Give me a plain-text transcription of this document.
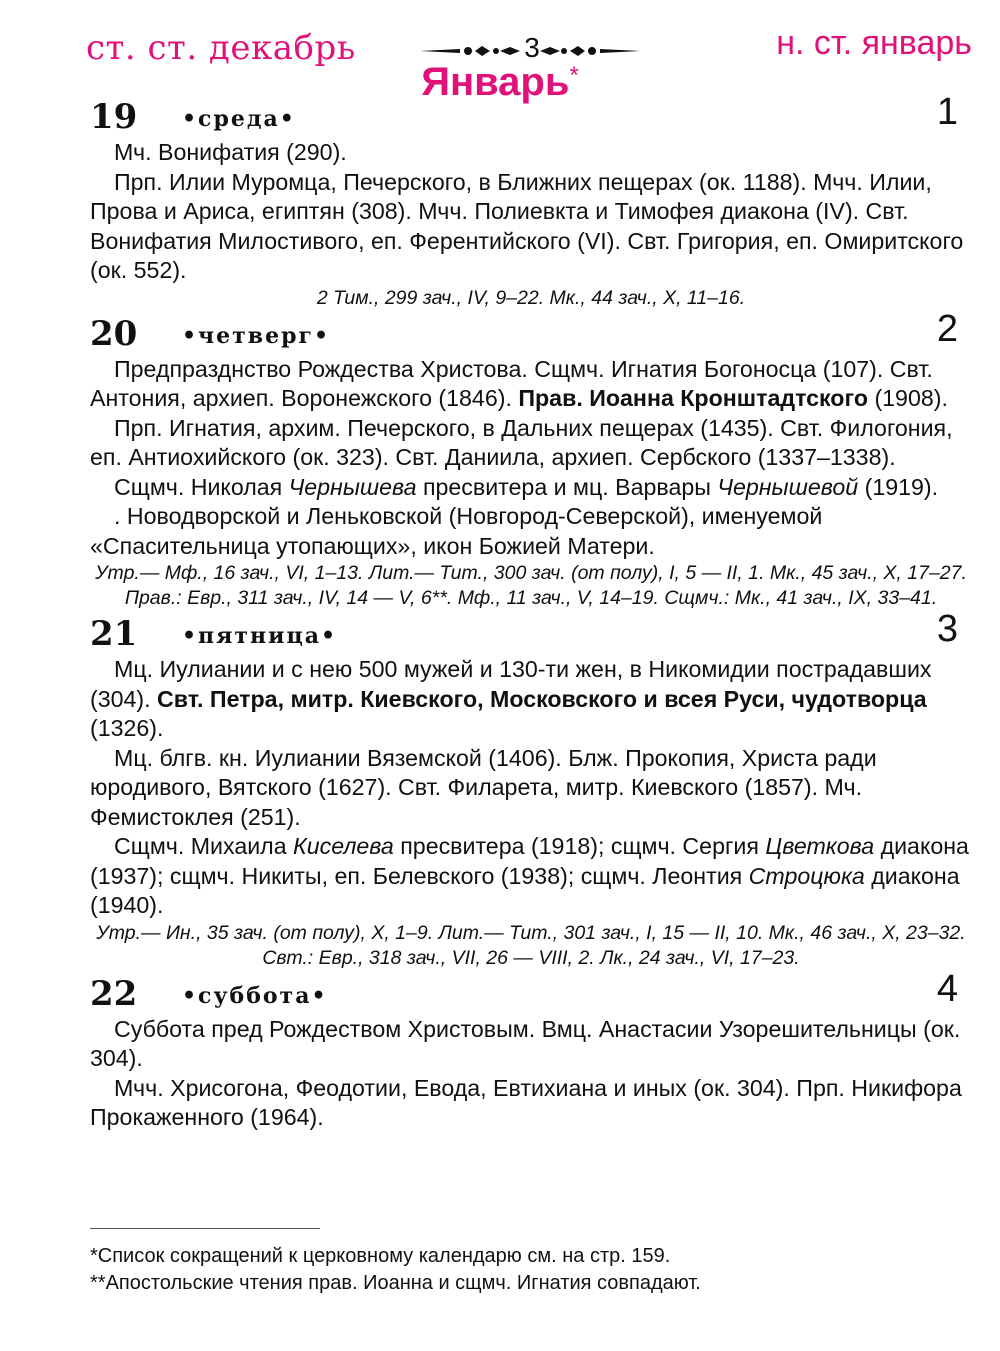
ст. ст. декабрь	3	н. ст. январь
Январь*
19 •среда•	1

Мч. Вонифатия (290).

Прп. Илии Муромца, Печерского, в Ближних пещерах (ок. 1188). Мчч. Илии, Прова и Ариса, египтян (308). Мчч. Полиевкта и Тимофея диакона (IV). Свт. Вонифатия Милостивого, еп. Ферентийского (VI). Свт. Григория, еп. Омиритского (ок. 552).

2 Тим., 299 зач., IV, 9–22. Мк., 44 зач., X, 11–16.

20 •четверг•	2

Предпразднство Рождества Христова. Сщмч. Игнатия Богоносца (107). Свт. Антония, архиеп. Воронежского (1846). Прав. Иоанна Кронштадтского (1908).

Прп. Игнатия, архим. Печерского, в Дальних пещерах (1435). Свт. Филогония, еп. Антиохийского (ок. 323). Свт. Даниила, архиеп. Сербского (1337–1338).

Сщмч. Николая Чернышева пресвитера и мц. Варвары Чернышевой (1919).

. Новодворской и Леньковской (Новгород-Северской), именуемой «Спасительница утопающих», икон Божией Матери.

Утр.— Мф., 16 зач., VI, 1–13. Лит.— Тит., 300 зач. (от полу), I, 5 — II, 1. Мк., 45 зач., X, 17–27. Прав.: Евр., 311 зач., IV, 14 — V, 6**. Мф., 11 зач., V, 14–19. Сщмч.: Мк., 41 зач., IX, 33–41.

21 •пятница•	3

Мц. Иулиании и с нею 500 мужей и 130-ти жен, в Никомидии пострадавших (304). Свт. Петра, митр. Киевского, Московского и всея Руси, чудотворца (1326).

Мц. блгв. кн. Иулиании Вяземской (1406). Блж. Прокопия, Христа ради юродивого, Вятского (1627). Свт. Филарета, митр. Киевского (1857). Мч. Фемистоклея (251).

Сщмч. Михаила Киселева пресвитера (1918); сщмч. Сергия Цветкова диакона (1937); сщмч. Никиты, еп. Белевского (1938); сщмч. Леонтия Строцюка диакона (1940).

Утр.— Ин., 35 зач. (от полу), X, 1–9. Лит.— Тит., 301 зач., I, 15 — II, 10. Мк., 46 зач., X, 23–32. Свт.: Евр., 318 зач., VII, 26 — VIII, 2. Лк., 24 зач., VI, 17–23.

22 •суббота•	4

Суббота пред Рождеством Христовым. Вмц. Анастасии Узорешительницы (ок. 304).

Мчч. Хрисогона, Феодотии, Еводa, Евтихиана и иных (ок. 304). Прп. Никифора Прокаженного (1964).

*Список сокращений к церковному календарю см. на стр. 159.

**Апостольские чтения прав. Иоанна и сщмч. Игнатия совпадают.
